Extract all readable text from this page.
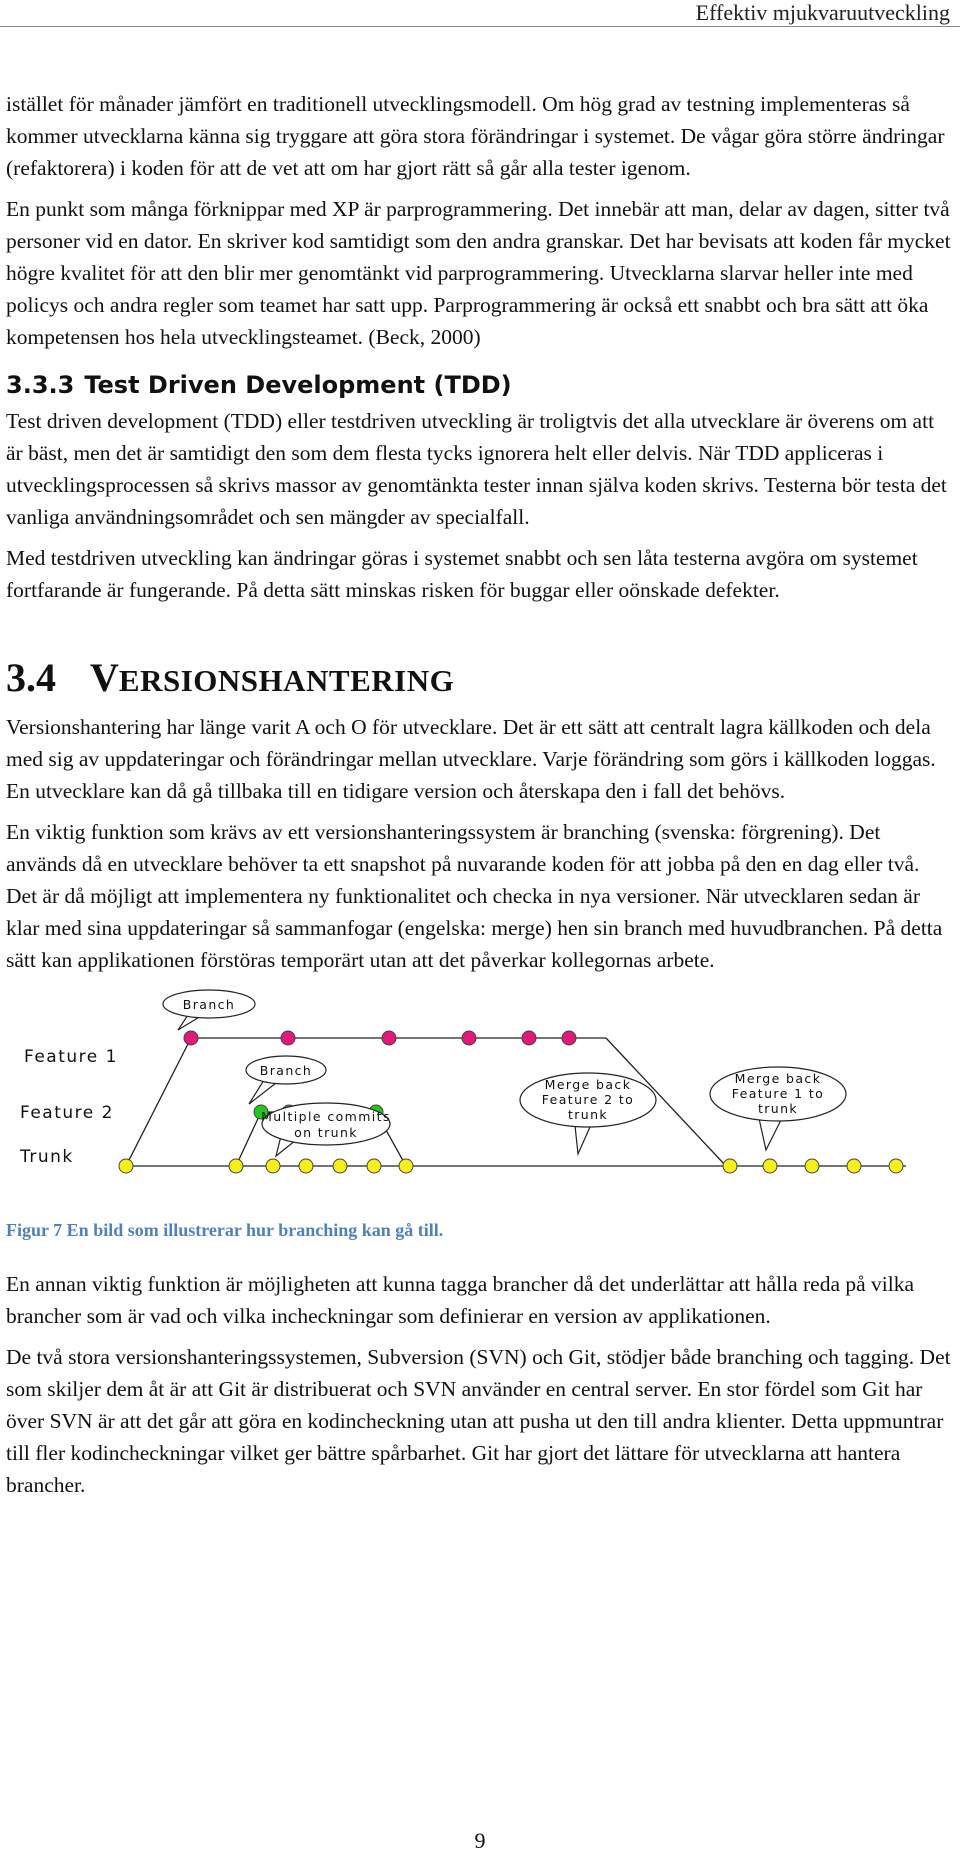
Effektiv mjukvaruutveckling

istället för månader jämfört en traditionell utvecklingsmodell. Om hög grad av testning implementeras så kommer utvecklarna känna sig tryggare att göra stora förändringar i systemet. De vågar göra större ändringar (refaktorera) i koden för att de vet att om har gjort rätt så går alla tester igenom.

En punkt som många förknippar med XP är parprogrammering. Det innebär att man, delar av dagen, sitter två personer vid en dator. En skriver kod samtidigt som den andra granskar. Det har bevisats att koden får mycket högre kvalitet för att den blir mer genomtänkt vid parprogrammering. Utvecklarna slarvar heller inte med policys och andra regler som teamet har satt upp. Parprogrammering är också ett snabbt och bra sätt att öka kompetensen hos hela utvecklingsteamet. (Beck, 2000)

3.3.3 Test Driven Development (TDD)

Test driven development (TDD) eller testdriven utveckling är troligtvis det alla utvecklare är överens om att är bäst, men det är samtidigt den som dem flesta tycks ignorera helt eller delvis. När TDD appliceras i utvecklingsprocessen så skrivs massor av genomtänkta tester innan själva koden skrivs. Testerna bör testa det vanliga användningsområdet och sen mängder av specialfall.

Med testdriven utveckling kan ändringar göras i systemet snabbt och sen låta testerna avgöra om systemet fortfarande är fungerande. På detta sätt minskas risken för buggar eller oönskade defekter.

3.4 VERSIONSHANTERING

Versionshantering har länge varit A och O för utvecklare. Det är ett sätt att centralt lagra källkoden och dela med sig av uppdateringar och förändringar mellan utvecklare. Varje förändring som görs i källkoden loggas. En utvecklare kan då gå tillbaka till en tidigare version och återskapa den i fall det behövs.

En viktig funktion som krävs av ett versionshanteringssystem är branching (svenska: förgrening). Det används då en utvecklare behöver ta ett snapshot på nuvarande koden för att jobba på den en dag eller två. Det är då möjligt att implementera ny funktionalitet och checka in nya versioner. När utvecklaren sedan är klar med sina uppdateringar så sammanfogar (engelska: merge) hen sin branch med huvudbranchen. På detta sätt kan applikationen förstöras temporärt utan att det påverkar kollegornas arbete.

Feature 1
Feature 2
Trunk
Branch
Branch
Multiple commits
on trunk
Merge back
Feature 2 to
trunk
Merge back
Feature 1 to
trunk
Figur 7 En bild som illustrerar hur branching kan gå till.

En annan viktig funktion är möjligheten att kunna tagga brancher då det underlättar att hålla reda på vilka brancher som är vad och vilka incheckningar som definierar en version av applikationen.

De två stora versionshanteringssystemen, Subversion (SVN) och Git, stödjer både branching och tagging. Det som skiljer dem åt är att Git är distribuerat och SVN använder en central server. En stor fördel som Git har över SVN är att det går att göra en kodincheckning utan att pusha ut den till andra klienter. Detta uppmuntrar till fler kodincheckningar vilket ger bättre spårbarhet. Git har gjort det lättare för utvecklarna att hantera brancher.

9
